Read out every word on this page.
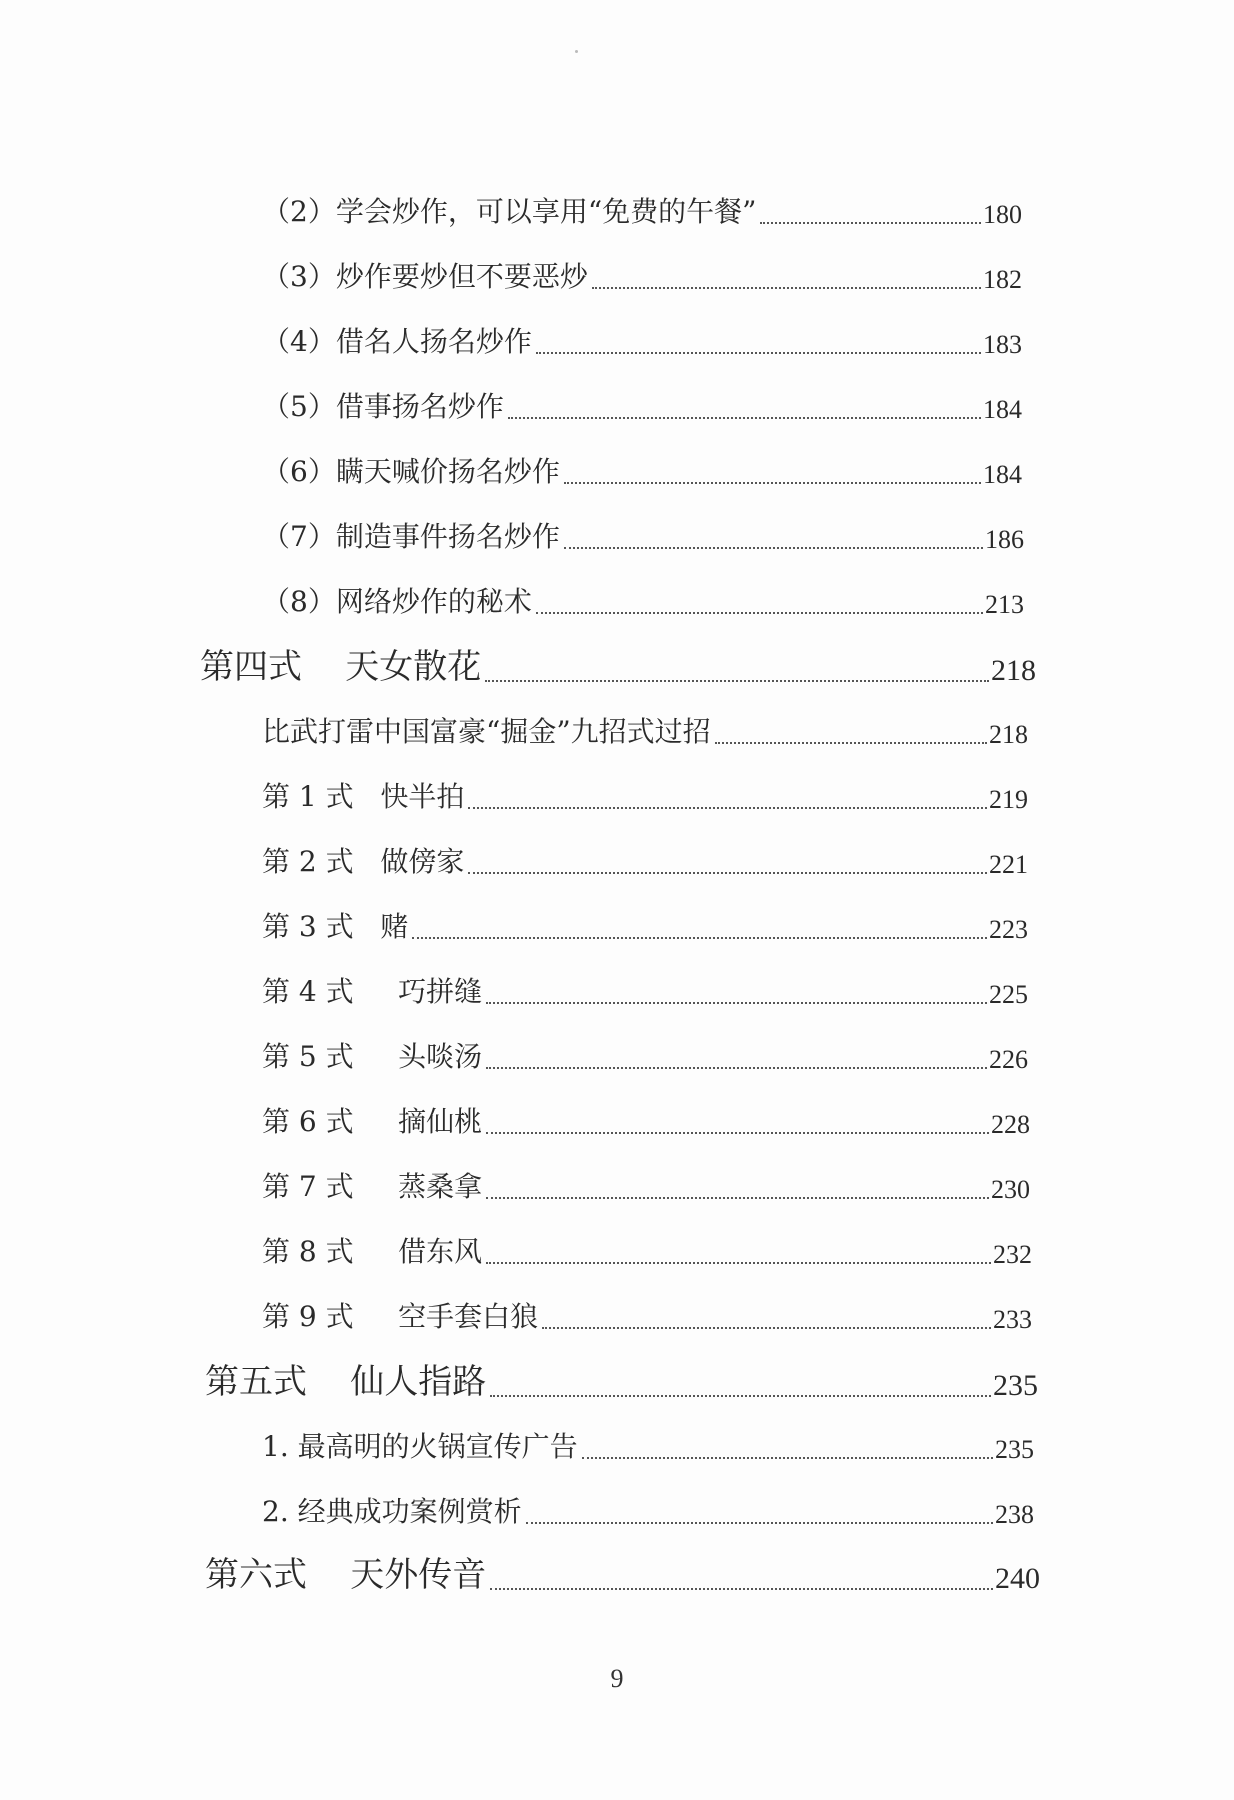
（2）学会炒作，可以享用“免费的午餐”	180
（3）炒作要炒但不要恶炒	182
（4）借名人扬名炒作	183
（5）借事扬名炒作	184
（6）瞒天喊价扬名炒作	184
（7）制造事件扬名炒作	186
（8）网络炒作的秘术	213
第四式    天女散花	218
比武打雷中国富豪“掘金”九招式过招	218
第 1 式   快半拍	219
第 2 式   做傍家	221
第 3 式   赌	223
第 4 式     巧拼缝	225
第 5 式     头啖汤	226
第 6 式     摘仙桃	228
第 7 式     蒸桑拿	230
第 8 式     借东风	232
第 9 式     空手套白狼	233
第五式    仙人指路	235
1. 最高明的火锅宣传广告	235
2. 经典成功案例赏析	238
第六式    天外传音	240
9
